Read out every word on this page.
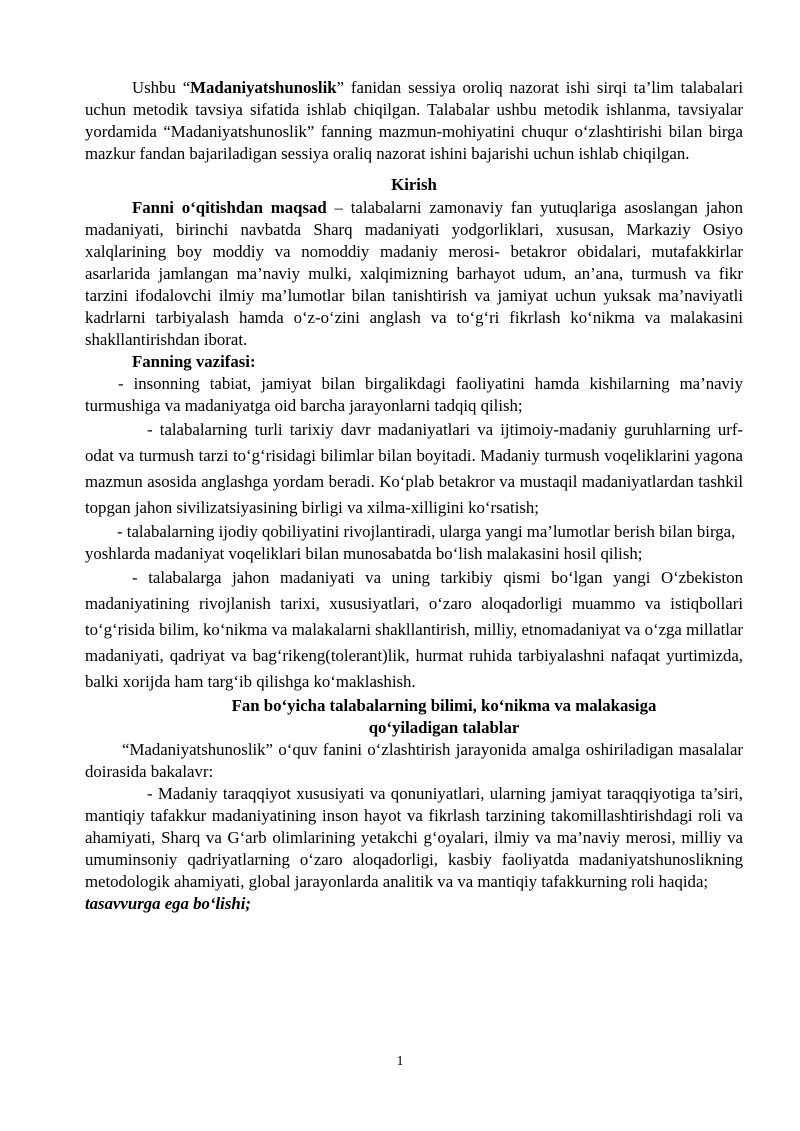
Ushbu “Madaniyatshunoslik” fanidan sessiya oroliq nazorat ishi sirqi ta’lim talabalari uchun metodik tavsiya sifatida ishlab chiqilgan. Talabalar ushbu metodik ishlanma, tavsiyalar yordamida “Madaniyatshunoslik” fanning mazmun-mohiyatini chuqur o‘zlashtirishi bilan birga mazkur fandan bajariladigan sessiya oraliq nazorat ishini bajarishi uchun ishlab chiqilgan.

Kirish

Fanni o‘qitishdan maqsad – talabalarni zamonaviy fan yutuqlariga asoslangan jahon madaniyati, birinchi navbatda Sharq madaniyati yodgorliklari, xususan, Markaziy Osiyo xalqlarining boy moddiy va nomoddiy madaniy merosi- betakror obidalari, mutafakkirlar asarlarida jamlangan ma’naviy mulki, xalqimizning barhayot udum, an’ana, turmush va fikr tarzini ifodalovchi ilmiy ma’lumotlar bilan tanishtirish va jamiyat uchun yuksak ma’naviyatli kadrlarni tarbiyalash hamda o‘z-o‘zini anglash va to‘g‘ri fikrlash ko‘nikma va malakasini shakllantirishdan iborat.

Fanning vazifasi:

- insonning tabiat, jamiyat bilan birgalikdagi faoliyatini hamda kishilarning ma’naviy turmushiga va madaniyatga oid barcha jarayonlarni tadqiq qilish;

- talabalarning turli tarixiy davr madaniyatlari va ijtimoiy-madaniy guruhlarning urf-odat va turmush tarzi to‘g‘risidagi bilimlar bilan boyitadi. Madaniy turmush voqeliklarini yagona mazmun asosida anglashga yordam beradi. Ko‘plab betakror va mustaqil madaniyatlardan tashkil topgan jahon sivilizatsiyasining birligi va xilma-xilligini ko‘rsatish;

- talabalarning ijodiy qobiliyatini rivojlantiradi, ularga yangi ma’lumotlar berish bilan birga, yoshlarda madaniyat voqeliklari bilan munosabatda bo‘lish malakasini hosil qilish;

- talabalarga jahon madaniyati va uning tarkibiy qismi bo‘lgan yangi O‘zbekiston madaniyatining rivojlanish tarixi, xususiyatlari, o‘zaro aloqadorligi muammo va istiqbollari to‘g‘risida bilim, ko‘nikma va malakalarni shakllantirish, milliy, etnomadaniyat va o‘zga millatlar madaniyati, qadriyat va bag‘rikeng(tolerant)lik, hurmat ruhida tarbiyalashni nafaqat yurtimizda, balki xorijda ham targ‘ib qilishga ko‘maklashish.

Fan bo‘yicha talabalarning bilimi, ko‘nikma va malakasiga

qo‘yiladigan talablar

“Madaniyatshunoslik” o‘quv fanini o‘zlashtirish jarayonida amalga oshiriladigan masalalar doirasida bakalavr:

- Madaniy taraqqiyot xususiyati va qonuniyatlari, ularning jamiyat taraqqiyotiga ta’siri, mantiqiy tafakkur madaniyatining inson hayot va fikrlash tarzining takomillashtirishdagi roli va ahamiyati, Sharq va G‘arb olimlarining yetakchi g‘oyalari, ilmiy va ma’naviy merosi, milliy va umuminsoniy qadriyatlarning o‘zaro aloqadorligi, kasbiy faoliyatda madaniyatshunoslikning metodologik ahamiyati, global jarayonlarda analitik va va mantiqiy tafakkurning roli haqida;

tasavvurga ega bo‘lishi;

1
